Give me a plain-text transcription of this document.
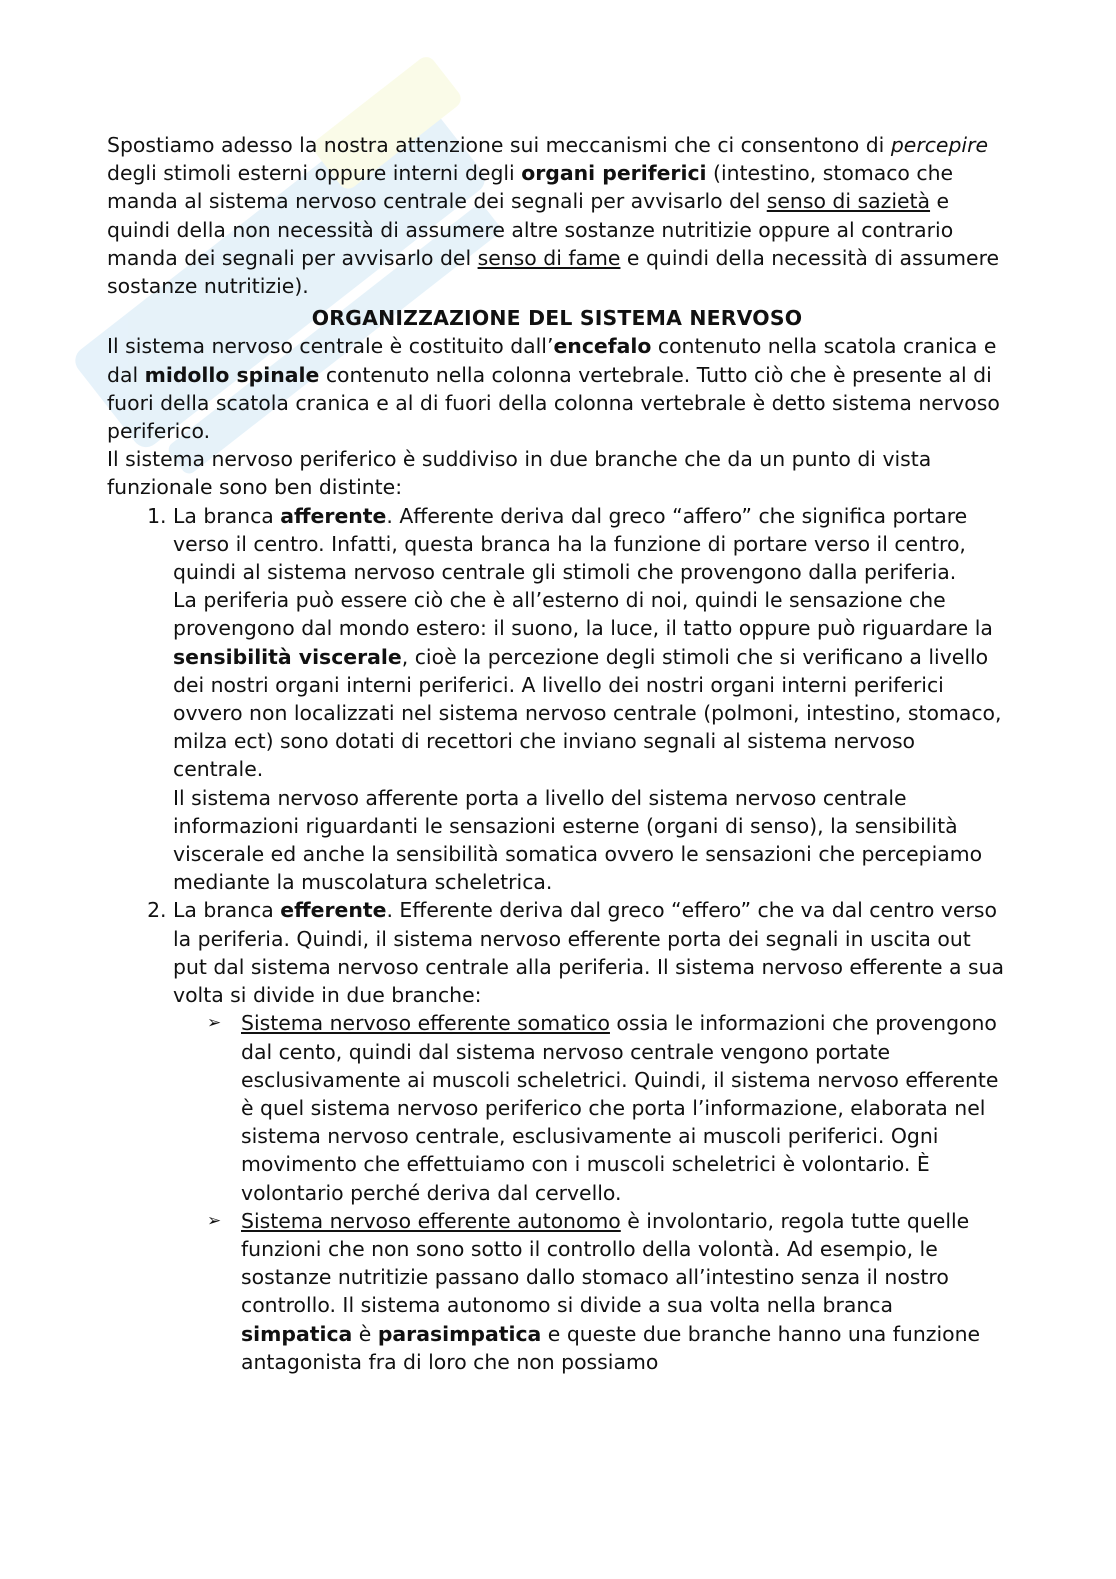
Spostiamo adesso la nostra attenzione sui meccanismi che ci consentono di percepire degli stimoli esterni oppure interni degli organi periferici (intestino, stomaco che manda al sistema nervoso centrale dei segnali per avvisarlo del senso di sazietà e quindi della non necessità di assumere altre sostanze nutritizie oppure al contrario manda dei segnali per avvisarlo del senso di fame e quindi della necessità di assumere sostanze nutritizie).

ORGANIZZAZIONE DEL SISTEMA NERVOSO

Il sistema nervoso centrale è costituito dall’encefalo contenuto nella scatola cranica e dal midollo spinale contenuto nella colonna vertebrale. Tutto ciò che è presente al di fuori della scatola cranica e al di fuori della colonna vertebrale è detto sistema nervoso periferico.

Il sistema nervoso periferico è suddiviso in due branche che da un punto di vista funzionale sono ben distinte:

1. La branca afferente. Afferente deriva dal greco “affero” che significa portare verso il centro. Infatti, questa branca ha la funzione di portare verso il centro, quindi al sistema nervoso centrale gli stimoli che provengono dalla periferia.

La periferia può essere ciò che è all’esterno di noi, quindi le sensazione che provengono dal mondo estero: il suono, la luce, il tatto oppure può riguardare la sensibilità viscerale, cioè la percezione degli stimoli che si verificano a livello dei nostri organi interni periferici. A livello dei nostri organi interni periferici ovvero non localizzati nel sistema nervoso centrale (polmoni, intestino, stomaco, milza ect) sono dotati di recettori che inviano segnali al sistema nervoso centrale.

Il sistema nervoso afferente porta a livello del sistema nervoso centrale informazioni riguardanti le sensazioni esterne (organi di senso), la sensibilità viscerale ed anche la sensibilità somatica ovvero le sensazioni che percepiamo mediante la muscolatura scheletrica.

2. La branca efferente. Efferente deriva dal greco “effero” che va dal centro verso la periferia. Quindi, il sistema nervoso efferente porta dei segnali in uscita out put dal sistema nervoso centrale alla periferia. Il sistema nervoso efferente a sua volta si divide in due branche:

➢ Sistema nervoso efferente somatico ossia le informazioni che provengono dal cento, quindi dal sistema nervoso centrale vengono portate esclusivamente ai muscoli scheletrici. Quindi, il sistema nervoso efferente è quel sistema nervoso periferico che porta l’informazione, elaborata nel sistema nervoso centrale, esclusivamente ai muscoli periferici. Ogni movimento che effettuiamo con i muscoli scheletrici è volontario. È volontario perché deriva dal cervello.
➢ Sistema nervoso efferente autonomo è involontario, regola tutte quelle funzioni che non sono sotto il controllo della volontà. Ad esempio, le sostanze nutritizie passano dallo stomaco all’intestino senza il nostro controllo. Il sistema autonomo si divide a sua volta nella branca simpatica è parasimpatica e queste due branche hanno una funzione antagonista fra di loro che non possiamo
